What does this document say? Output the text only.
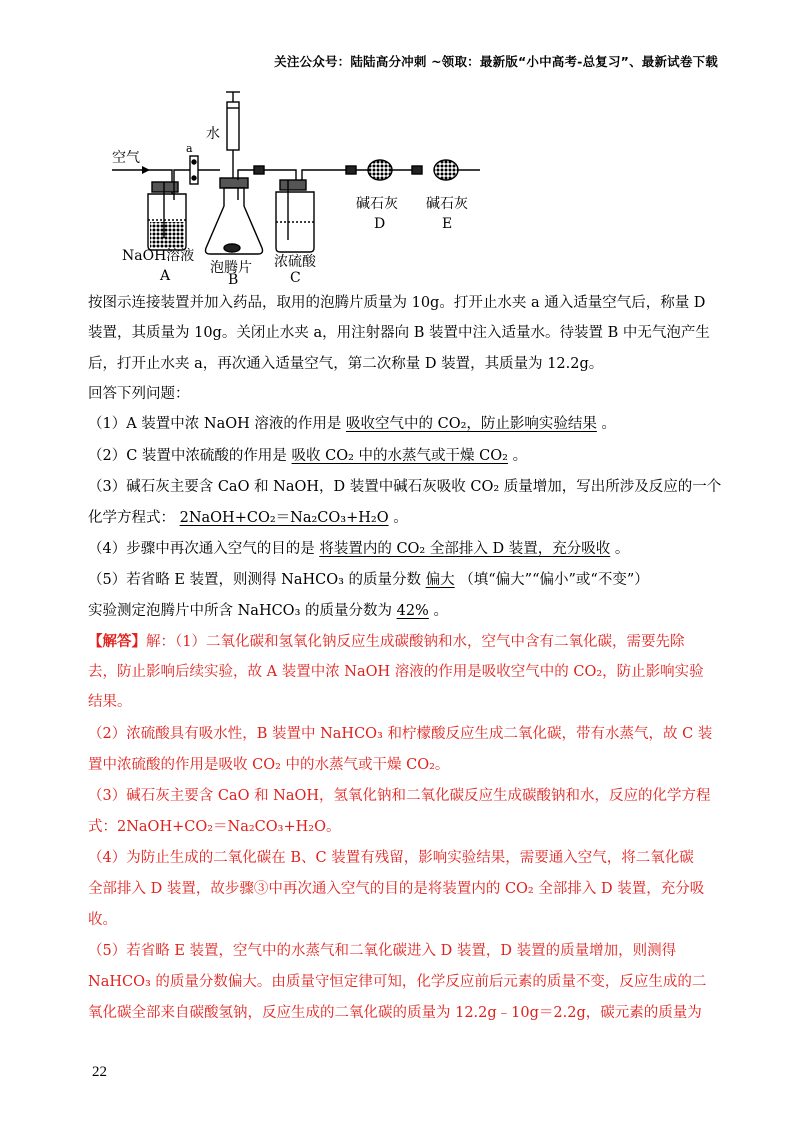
关注公众号：陆陆高分冲刺 ~领取：最新版“小中高考-总复习”、最新试卷下载
空气
a
水
碱石灰
D
碱石灰
E
NaOH溶液
A	泡腾片
B
浓硫酸
C
按图示连接装置并加入药品，取用的泡腾片质量为 10g。打开止水夹 a 通入适量空气后，称量 D
装置，其质量为 10g。关闭止水夹 a，用注射器向 B 装置中注入适量水。待装置 B 中无气泡产生
后，打开止水夹 a，再次通入适量空气，第二次称量 D 装置，其质量为 12.2g。
回答下列问题：
（1）A 装置中浓 NaOH 溶液的作用是 吸收空气中的 CO₂，防止影响实验结果 。
（2）C 装置中浓硫酸的作用是 吸收 CO₂ 中的水蒸气或干燥 CO₂ 。
（3）碱石灰主要含 CaO 和 NaOH，D 装置中碱石灰吸收 CO₂ 质量增加，写出所涉及反应的一个
化学方程式： 2NaOH+CO₂＝Na₂CO₃+H₂O 。
（4）步骤中再次通入空气的目的是 将装置内的 CO₂ 全部排入 D 装置，充分吸收 。
（5）若省略 E 装置，则测得 NaHCO₃ 的质量分数 偏大 （填“偏大”“偏小”或“不变”）
实验测定泡腾片中所含 NaHCO₃ 的质量分数为 42% 。
【解答】解：（1）二氧化碳和氢氧化钠反应生成碳酸钠和水，空气中含有二氧化碳，需要先除
去，防止影响后续实验，故 A 装置中浓 NaOH 溶液的作用是吸收空气中的 CO₂，防止影响实验
结果。
（2）浓硫酸具有吸水性，B 装置中 NaHCO₃ 和柠檬酸反应生成二氧化碳，带有水蒸气，故 C 装
置中浓硫酸的作用是吸收 CO₂ 中的水蒸气或干燥 CO₂。
（3）碱石灰主要含 CaO 和 NaOH，氢氧化钠和二氧化碳反应生成碳酸钠和水，反应的化学方程
式：2NaOH+CO₂＝Na₂CO₃+H₂O。
（4）为防止生成的二氧化碳在 B、C 装置有残留，影响实验结果，需要通入空气，将二氧化碳
全部排入 D 装置，故步骤③中再次通入空气的目的是将装置内的 CO₂ 全部排入 D 装置，充分吸
收。
（5）若省略 E 装置，空气中的水蒸气和二氧化碳进入 D 装置，D 装置的质量增加，则测得
NaHCO₃ 的质量分数偏大。由质量守恒定律可知，化学反应前后元素的质量不变，反应生成的二
氧化碳全部来自碳酸氢钠，反应生成的二氧化碳的质量为 12.2g﹣10g＝2.2g，碳元素的质量为
22
